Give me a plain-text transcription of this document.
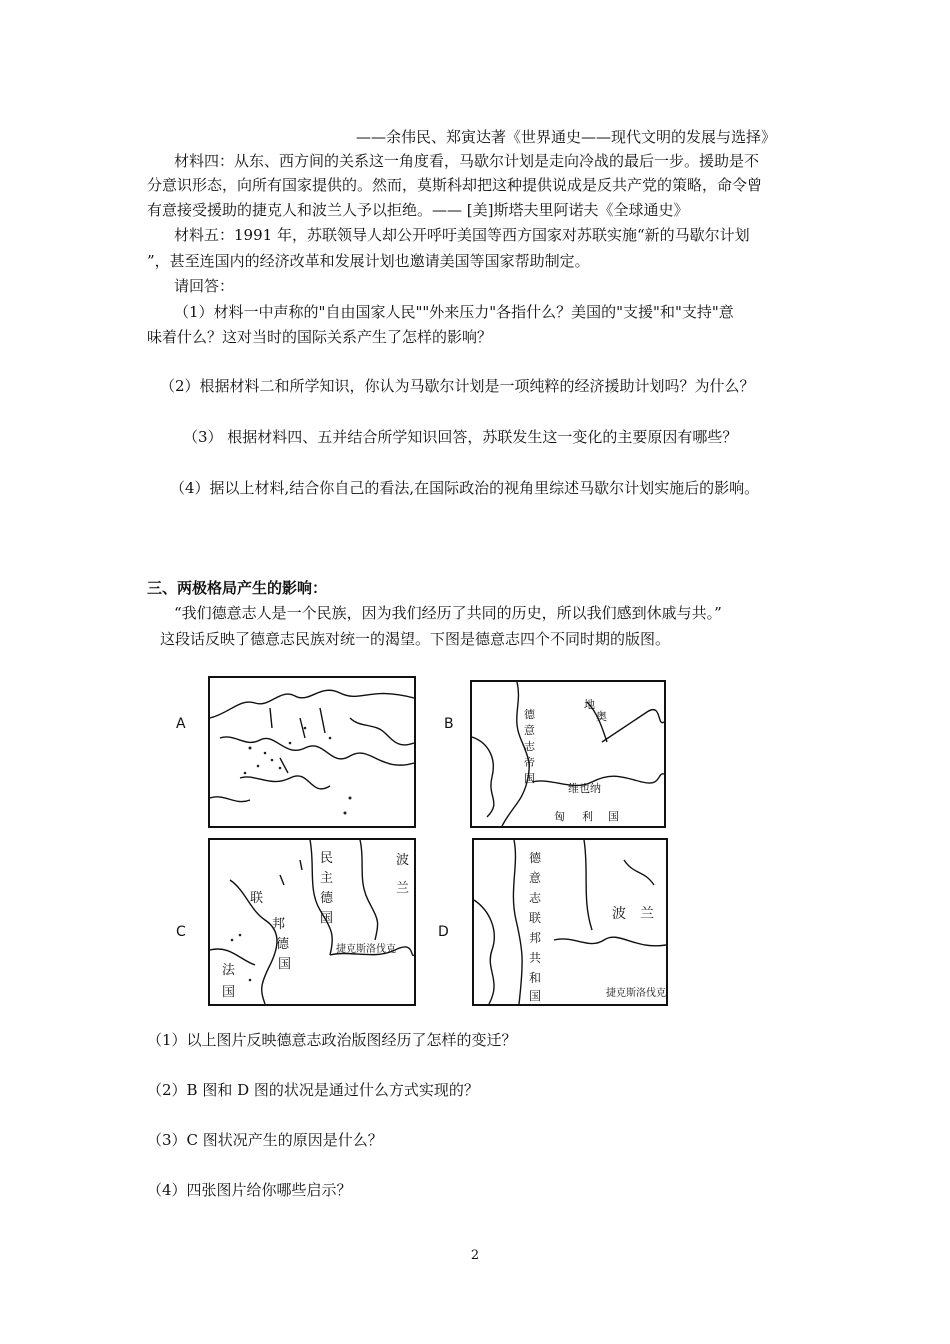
——余伟民、郑寅达著《世界通史——现代文明的发展与选择》
材料四：从东、西方间的关系这一角度看，马歇尔计划是走向冷战的最后一步。援助是不
分意识形态，向所有国家提供的。然而，莫斯科却把这种提供说成是反共产党的策略，命令曾
有意接受援助的捷克人和波兰人予以拒绝。—— [美]斯塔夫里阿诺夫《全球通史》
材料五：1991 年，苏联领导人却公开呼吁美国等西方国家对苏联实施“新的马歇尔计划
”，甚至连国内的经济改革和发展计划也邀请美国等国家帮助制定。
请回答：
（1）材料一中声称的"自由国家人民""外来压力"各指什么？美国的"支援"和"支持"意
味着什么？这对当时的国际关系产生了怎样的影响？
（2）根据材料二和所学知识，你认为马歇尔计划是一项纯粹的经济援助计划吗？为什么？
（3） 根据材料四、五并结合所学知识回答，苏联发生这一变化的主要原因有哪些？
（4）据以上材料,结合你自己的看法,在国际政治的视角里综述马歇尔计划实施后的影响。
三、两极格局产生的影响：
“我们德意志人是一个民族，因为我们经历了共同的历史，所以我们感到休戚与共。”
这段话反映了德意志民族对统一的渴望。下图是德意志四个不同时期的版图。
A	B
C	D
德
意
志
帝
国
地
奥
维也纳
匈 利 国
民
主
德
国
联
邦
德
国
波
兰
法
国
捷克斯洛伐克
德
意
志
联
邦
共
和
国
波 兰
捷克斯洛伐克
（1）以上图片反映德意志政治版图经历了怎样的变迁？
（2）B 图和 D 图的状况是通过什么方式实现的？
（3）C 图状况产生的原因是什么？
（4）四张图片给你哪些启示？
2
